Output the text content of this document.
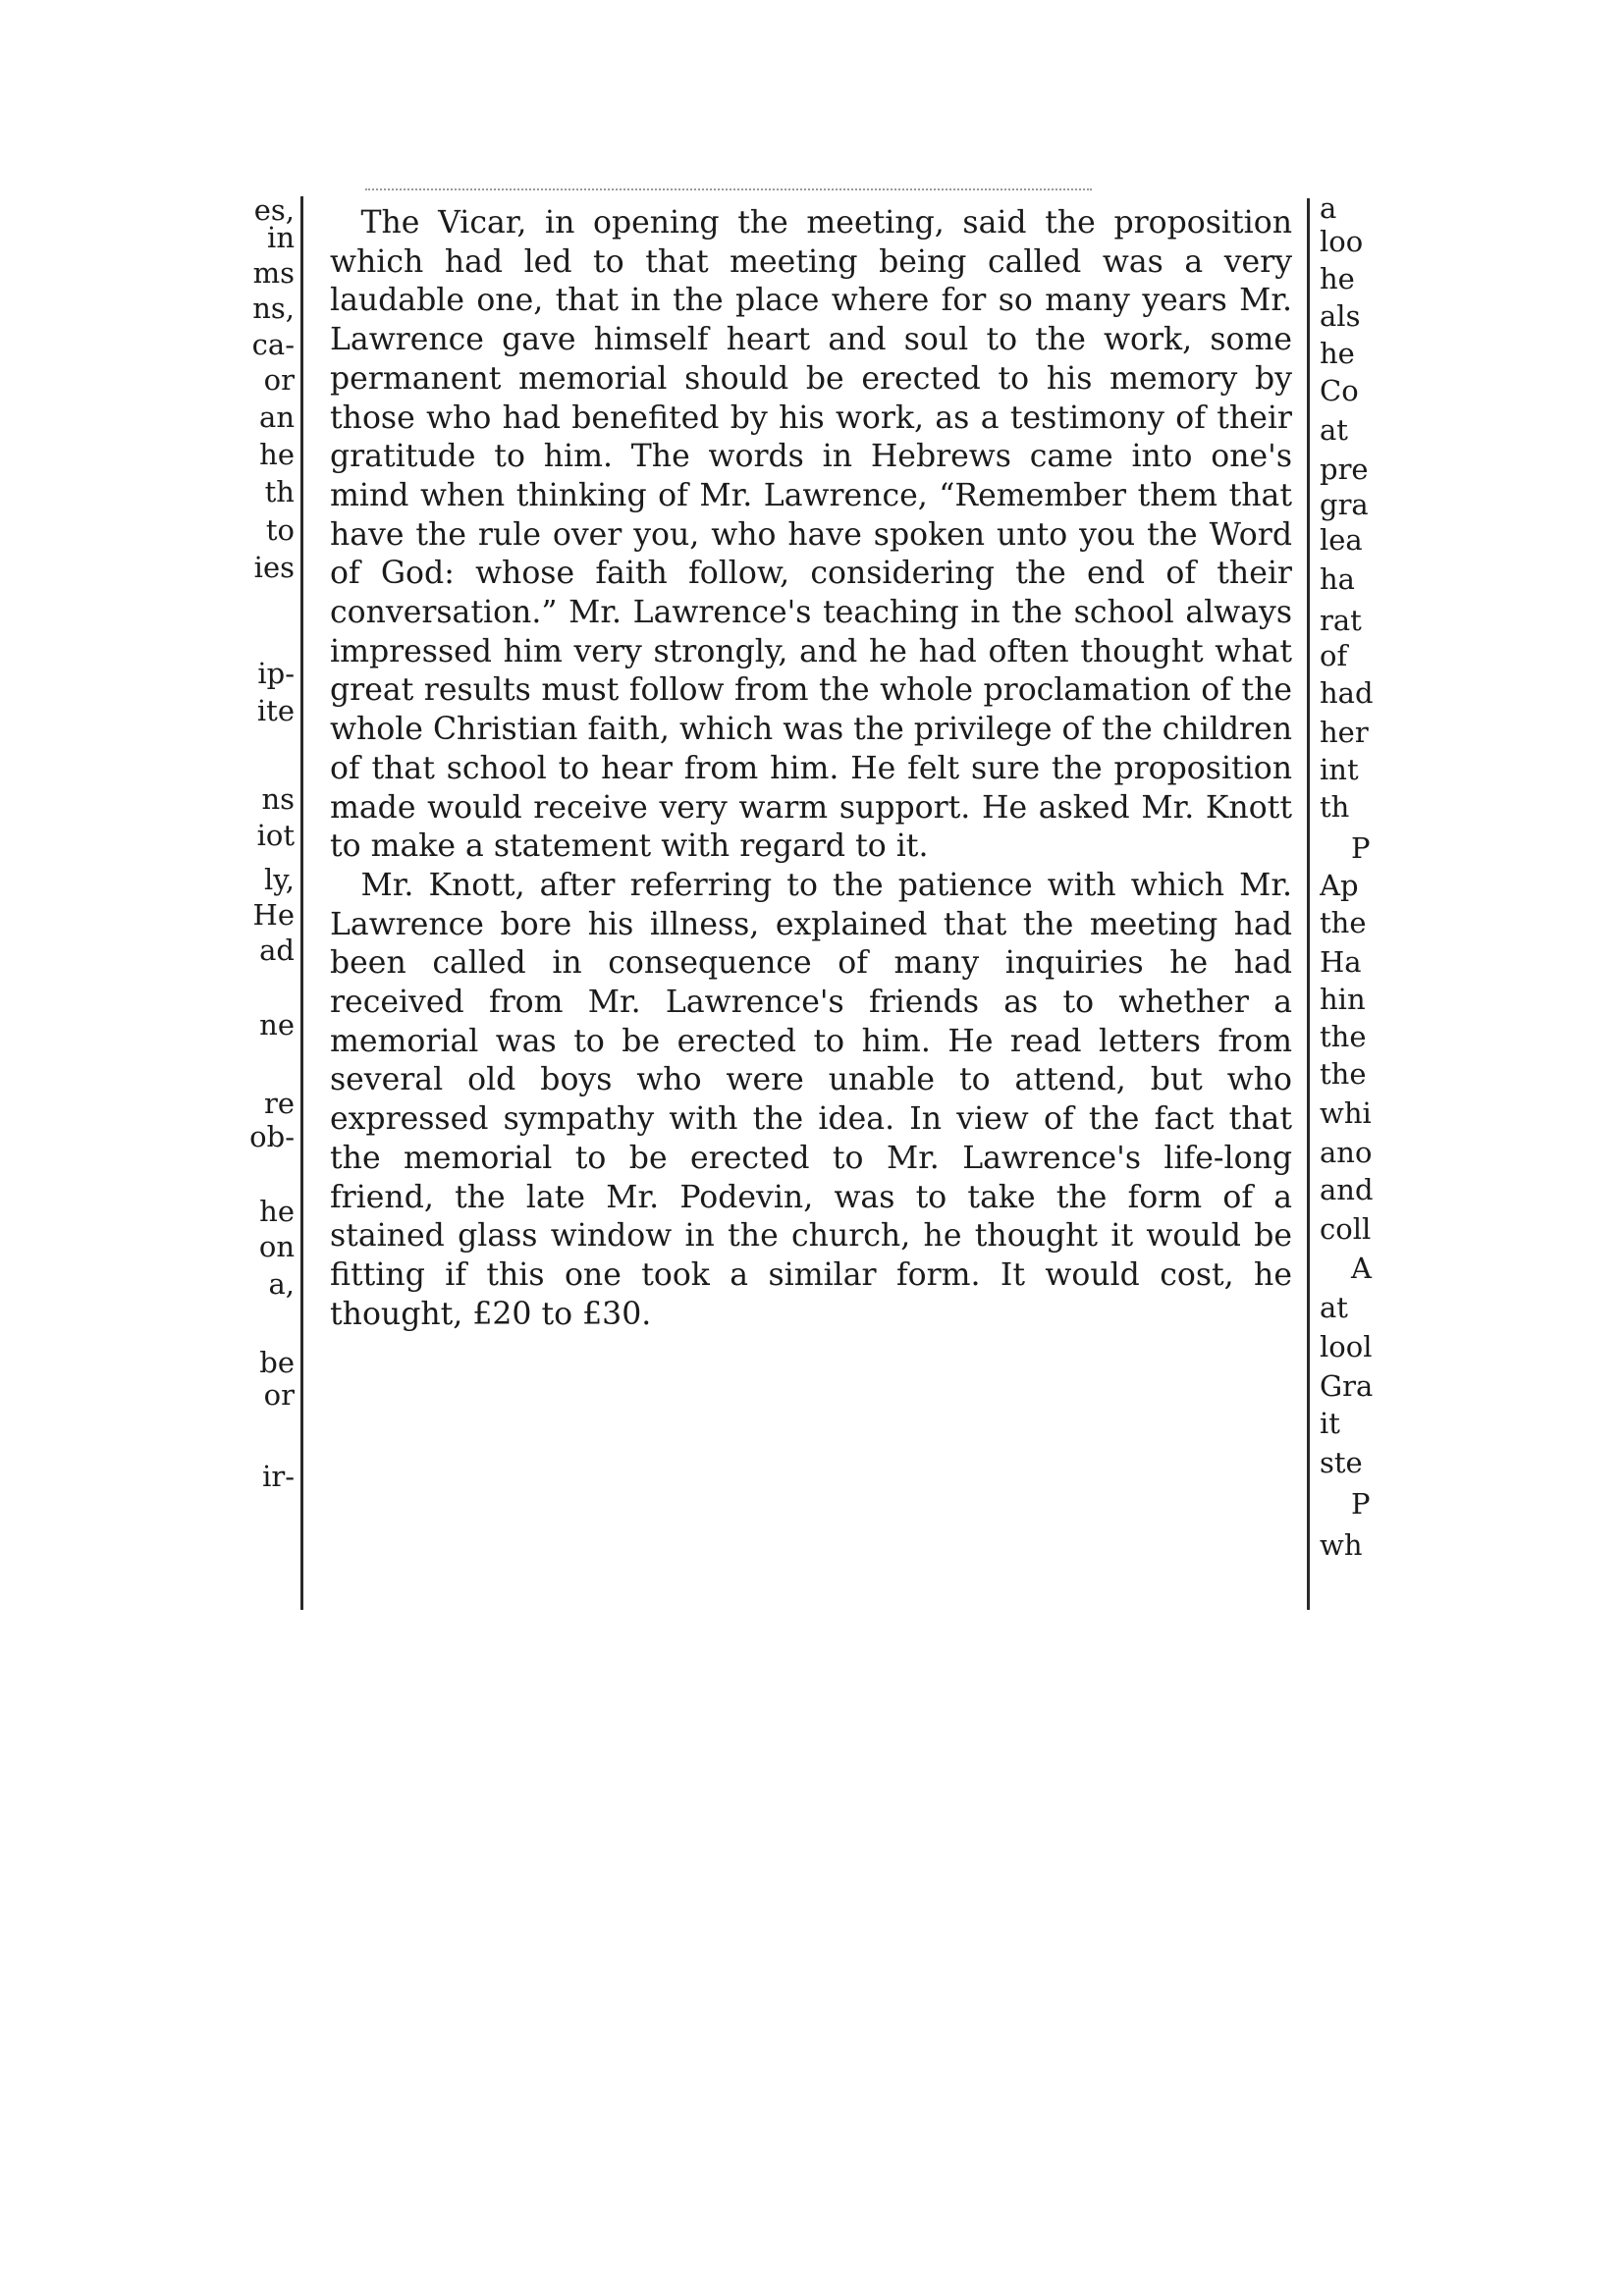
es,
in
ms
ns,
ca-
or
an
he
th
to
ies
ip-
ite
ns
iot
ly,
He
ad
ne
re
ob-
he
on
a,
be
or
ir-

The Vicar, in opening the meeting, said the proposition which had led to that meeting being called was a very laudable one, that in the place where for so many years Mr. Lawrence gave himself heart and soul to the work, some permanent memorial should be erected to his memory by those who had benefited by his work, as a testimony of their gratitude to him. The words in Hebrews came into one's mind when thinking of Mr. Lawrence, “Remember them that have the rule over you, who have spoken unto you the Word of God: whose faith follow, considering the end of their conversation.” Mr. Lawrence's teaching in the school always impressed him very strongly, and he had often thought what great results must follow from the whole proclamation of the whole Christian faith, which was the privilege of the children of that school to hear from him. He felt sure the proposition made would receive very warm support. He asked Mr. Knott to make a statement with regard to it.

Mr. Knott, after referring to the patience with which Mr. Lawrence bore his illness, explained that the meeting had been called in consequence of many inquiries he had received from Mr. Lawrence's friends as to whether a memorial was to be erected to him. He read letters from several old boys who were unable to attend, but who expressed sympathy with the idea. In view of the fact that the memorial to be erected to Mr. Lawrence's life-long friend, the late Mr. Podevin, was to take the form of a stained glass window in the church, he thought it would be fitting if this one took a similar form. It would cost, he thought, £20 to £30.

a
loo
he
als
he
Co
at
pre
gra
lea
ha
rat
of
had
her
int
th
P
Ap
the
Ha
hin
the
the
whi
ano
and
coll
A
at
lool
Gra
it
ste
P
wh
